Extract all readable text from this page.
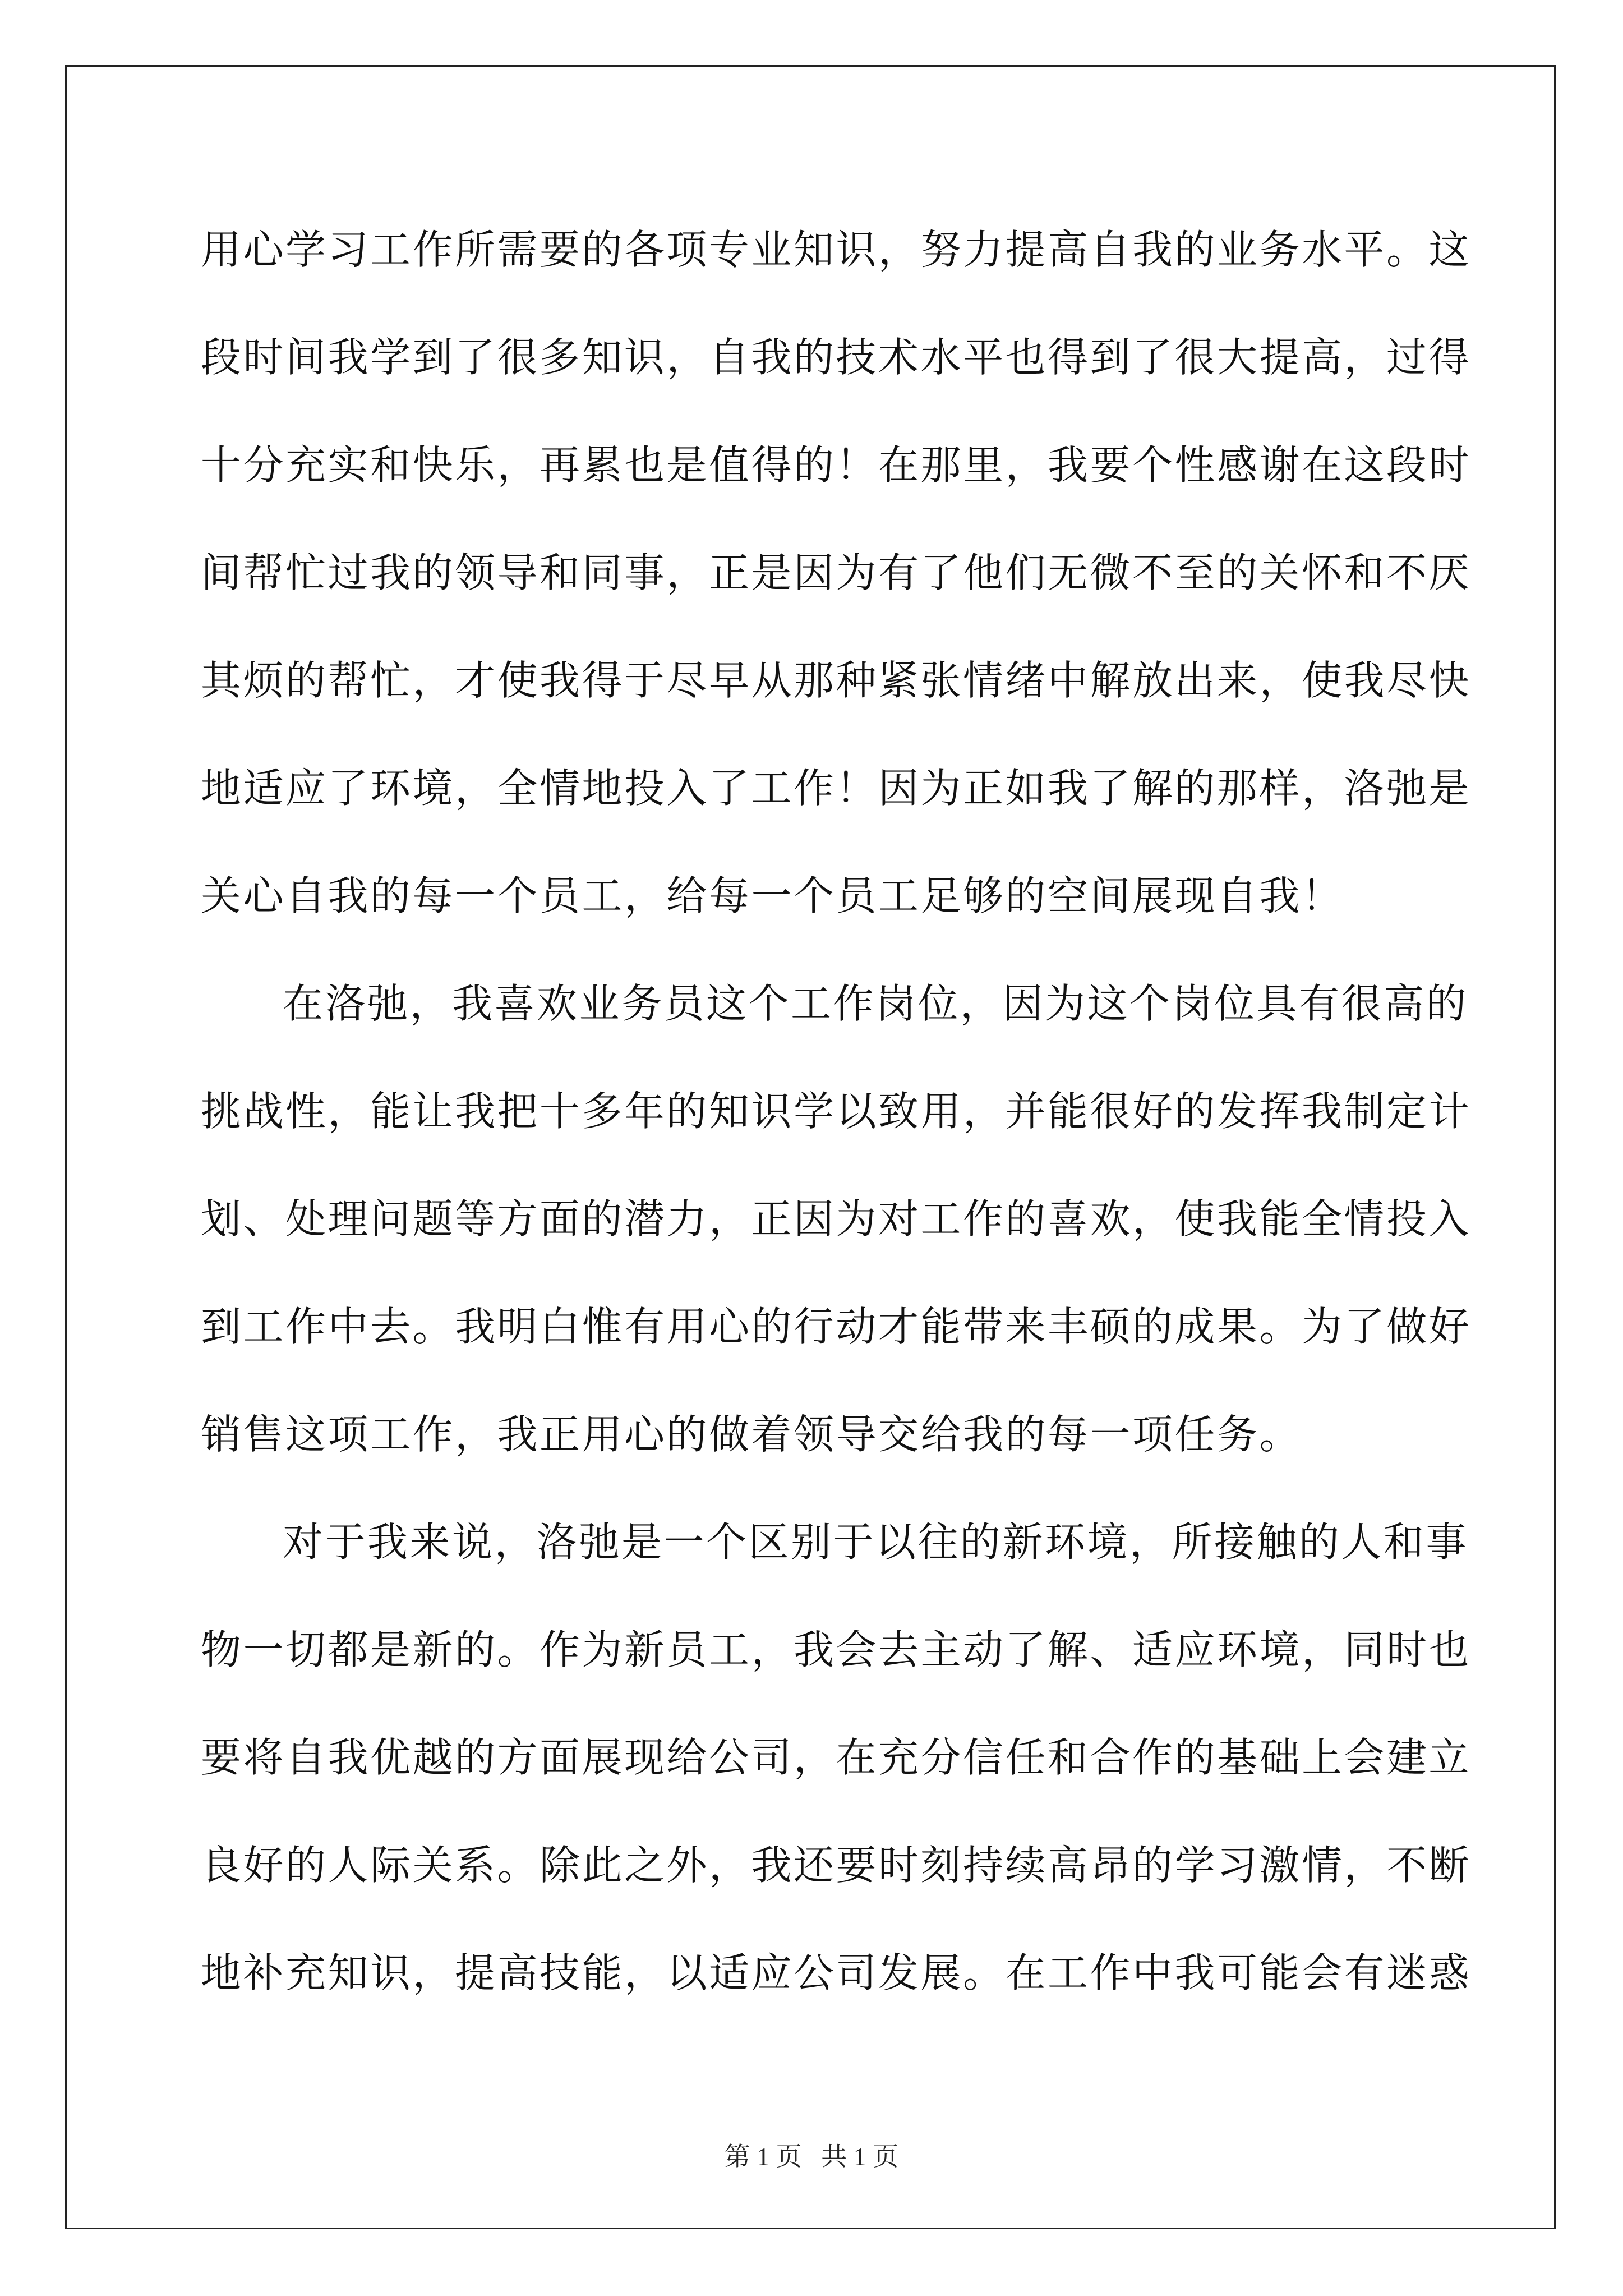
用心学习工作所需要的各项专业知识，努力提高自我的业务水平。这
段时间我学到了很多知识，自我的技术水平也得到了很大提高，过得
十分充实和快乐，再累也是值得的！在那里，我要个性感谢在这段时
间帮忙过我的领导和同事，正是因为有了他们无微不至的关怀和不厌
其烦的帮忙，才使我得于尽早从那种紧张情绪中解放出来，使我尽快
地适应了环境，全情地投入了工作！因为正如我了解的那样，洛弛是
关心自我的每一个员工，给每一个员工足够的空间展现自我！
在洛弛，我喜欢业务员这个工作岗位，因为这个岗位具有很高的
挑战性，能让我把十多年的知识学以致用，并能很好的发挥我制定计
划、处理问题等方面的潜力，正因为对工作的喜欢，使我能全情投入
到工作中去。我明白惟有用心的行动才能带来丰硕的成果。为了做好
销售这项工作，我正用心的做着领导交给我的每一项任务。
对于我来说，洛弛是一个区别于以往的新环境，所接触的人和事
物一切都是新的。作为新员工，我会去主动了解、适应环境，同时也
要将自我优越的方面展现给公司，在充分信任和合作的基础上会建立
良好的人际关系。除此之外，我还要时刻持续高昂的学习激情，不断
地补充知识，提高技能，以适应公司发展。在工作中我可能会有迷惑
第 1 页   共 1 页
